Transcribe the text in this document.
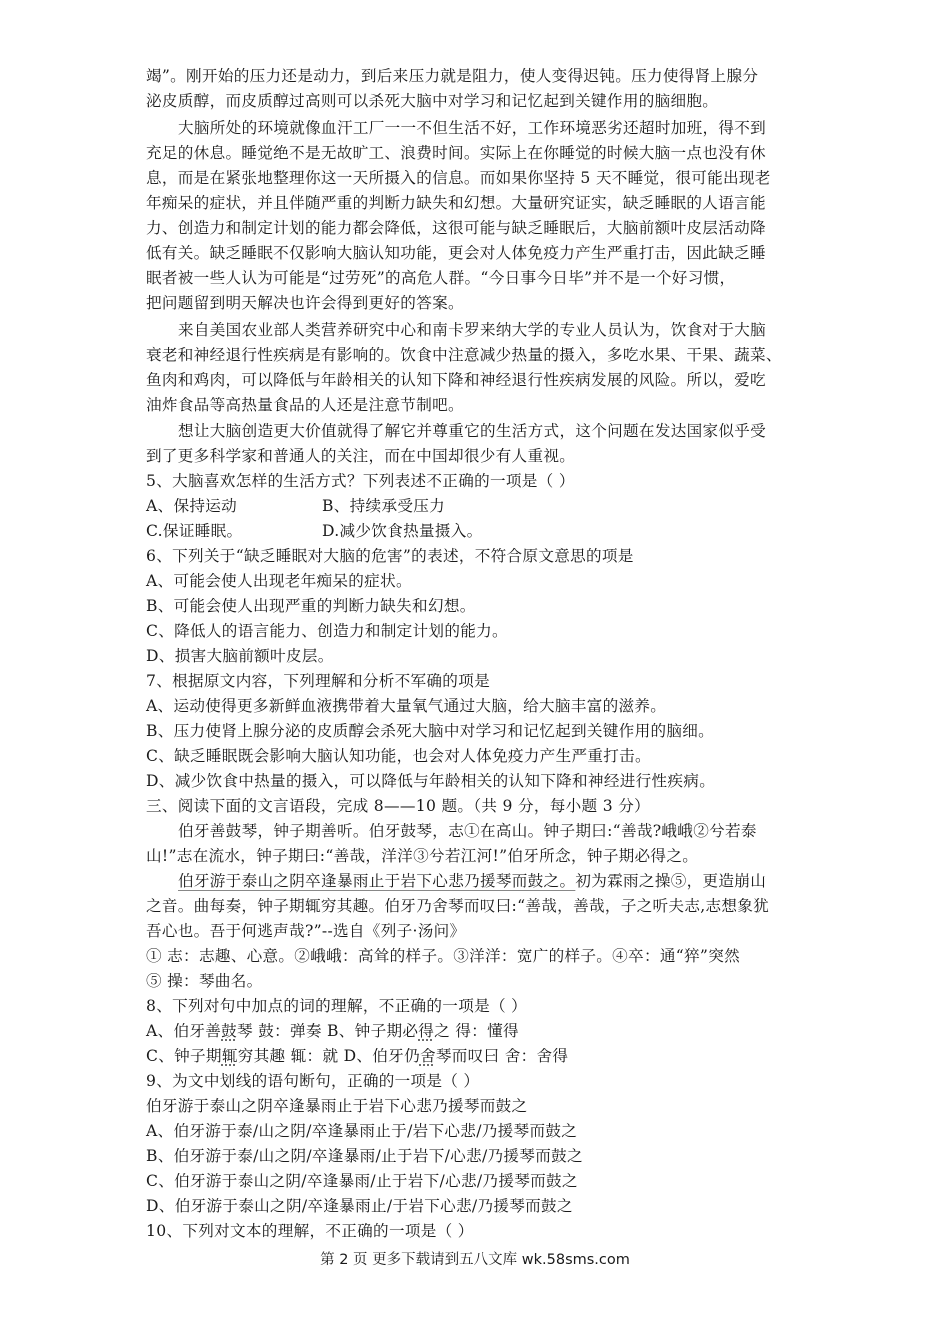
竭”。刚开始的压力还是动力，到后来压力就是阻力，使人变得迟钝。压力使得肾上腺分
泌皮质醇，而皮质醇过高则可以杀死大脑中对学习和记忆起到关键作用的脑细胞。
大脑所处的环境就像血汗工厂一一不但生活不好，工作环境恶劣还超时加班，得不到
充足的休息。睡觉绝不是无故旷工、浪费时间。实际上在你睡觉的时候大脑一点也没有休
息，而是在紧张地整理你这一天所摄入的信息。而如果你坚持 5 天不睡觉，很可能出现老
年痴呆的症状，并且伴随严重的判断力缺失和幻想。大量研究证实，缺乏睡眠的人语言能
力、创造力和制定计划的能力都会降低，这很可能与缺乏睡眠后，大脑前额叶皮层活动降
低有关。缺乏睡眠不仅影响大脑认知功能，更会对人体免疫力产生严重打击，因此缺乏睡
眠者被一些人认为可能是“过劳死”的高危人群。“今日事今日毕”并不是一个好习惯，
把问题留到明天解决也许会得到更好的答案。
来自美国农业部人类营养研究中心和南卡罗来纳大学的专业人员认为，饮食对于大脑
衰老和神经退行性疾病是有影响的。饮食中注意减少热量的摄入，多吃水果、干果、蔬菜、
鱼肉和鸡肉，可以降低与年龄相关的认知下降和神经退行性疾病发展的风险。所以，爱吃
油炸食品等高热量食品的人还是注意节制吧。
想让大脑创造更大价值就得了解它并尊重它的生活方式，这个问题在发达国家似乎受
到了更多科学家和普通人的关注，而在中国却很少有人重视。
5、大脑喜欢怎样的生活方式？下列表述不正确的一项是（ ）
A、保持运动	B、持续承受压力
C.保证睡眠。	D.减少饮食热量摄入。
6、下列关于“缺乏睡眠对大脑的危害”的表述，不符合原文意思的项是
A、可能会使人出现老年痴呆的症状。
B、可能会使人出现严重的判断力缺失和幻想。
C、降低人的语言能力、创造力和制定计划的能力。
D、损害大脑前额叶皮层。
7、根据原文内容，下列理解和分析不军确的项是
A、运动使得更多新鲜血液携带着大量氧气通过大脑，给大脑丰富的滋养。
B、压力使肾上腺分泌的皮质醇会杀死大脑中对学习和记忆起到关键作用的脑细。
C、缺乏睡眠既会影响大脑认知功能，也会对人体免疫力产生严重打击。
D、减少饮食中热量的摄入，可以降低与年龄相关的认知下降和神经进行性疾病。
三、阅读下面的文言语段，完成 8——10 题。（共 9 分，每小题 3 分）
伯牙善鼓琴，钟子期善听。伯牙鼓琴，志①在高山。钟子期曰:“善哉?峨峨②兮若泰
山!”志在流水，钟子期曰:“善哉，洋洋③兮若江河!”伯牙所念，钟子期必得之。
伯牙游于泰山之阴卒逢暴雨止于岩下心悲乃援琴而鼓之。初为霖雨之操⑤，更造崩山
之音。曲每奏，钟子期辄穷其趣。伯牙乃舍琴而叹曰:“善哉，善哉，子之听夫志,志想象犹
吾心也。吾于何逃声哉?”--选自《列子·汤问》
① 志：志趣、心意。②峨峨：高耸的样子。③洋洋：宽广的样子。④卒：通“猝”突然
⑤ 操：琴曲名。
8、下列对句中加点的词的理解，不正确的一项是（ ）
A、伯牙善鼓琴 鼓：弹奏 B、钟子期必得之 得：懂得
C、钟子期辄穷其趣 辄：就 D、伯牙仍舍琴而叹曰 舍：舍得
9、为文中划线的语句断句，正确的一项是（ ）
伯牙游于泰山之阴卒逢暴雨止于岩下心悲乃援琴而鼓之
A、伯牙游于泰/山之阴/卒逢暴雨止于/岩下心悲/乃援琴而鼓之
B、伯牙游于泰/山之阴/卒逢暴雨/止于岩下/心悲/乃援琴而鼓之
C、伯牙游于泰山之阴/卒逢暴雨/止于岩下/心悲/乃援琴而鼓之
D、伯牙游于泰山之阴/卒逢暴雨止/于岩下心悲/乃援琴而鼓之
10、下列对文本的理解，不正确的一项是（ ）
第 2 页 更多下载请到五八文库 wk.58sms.com
